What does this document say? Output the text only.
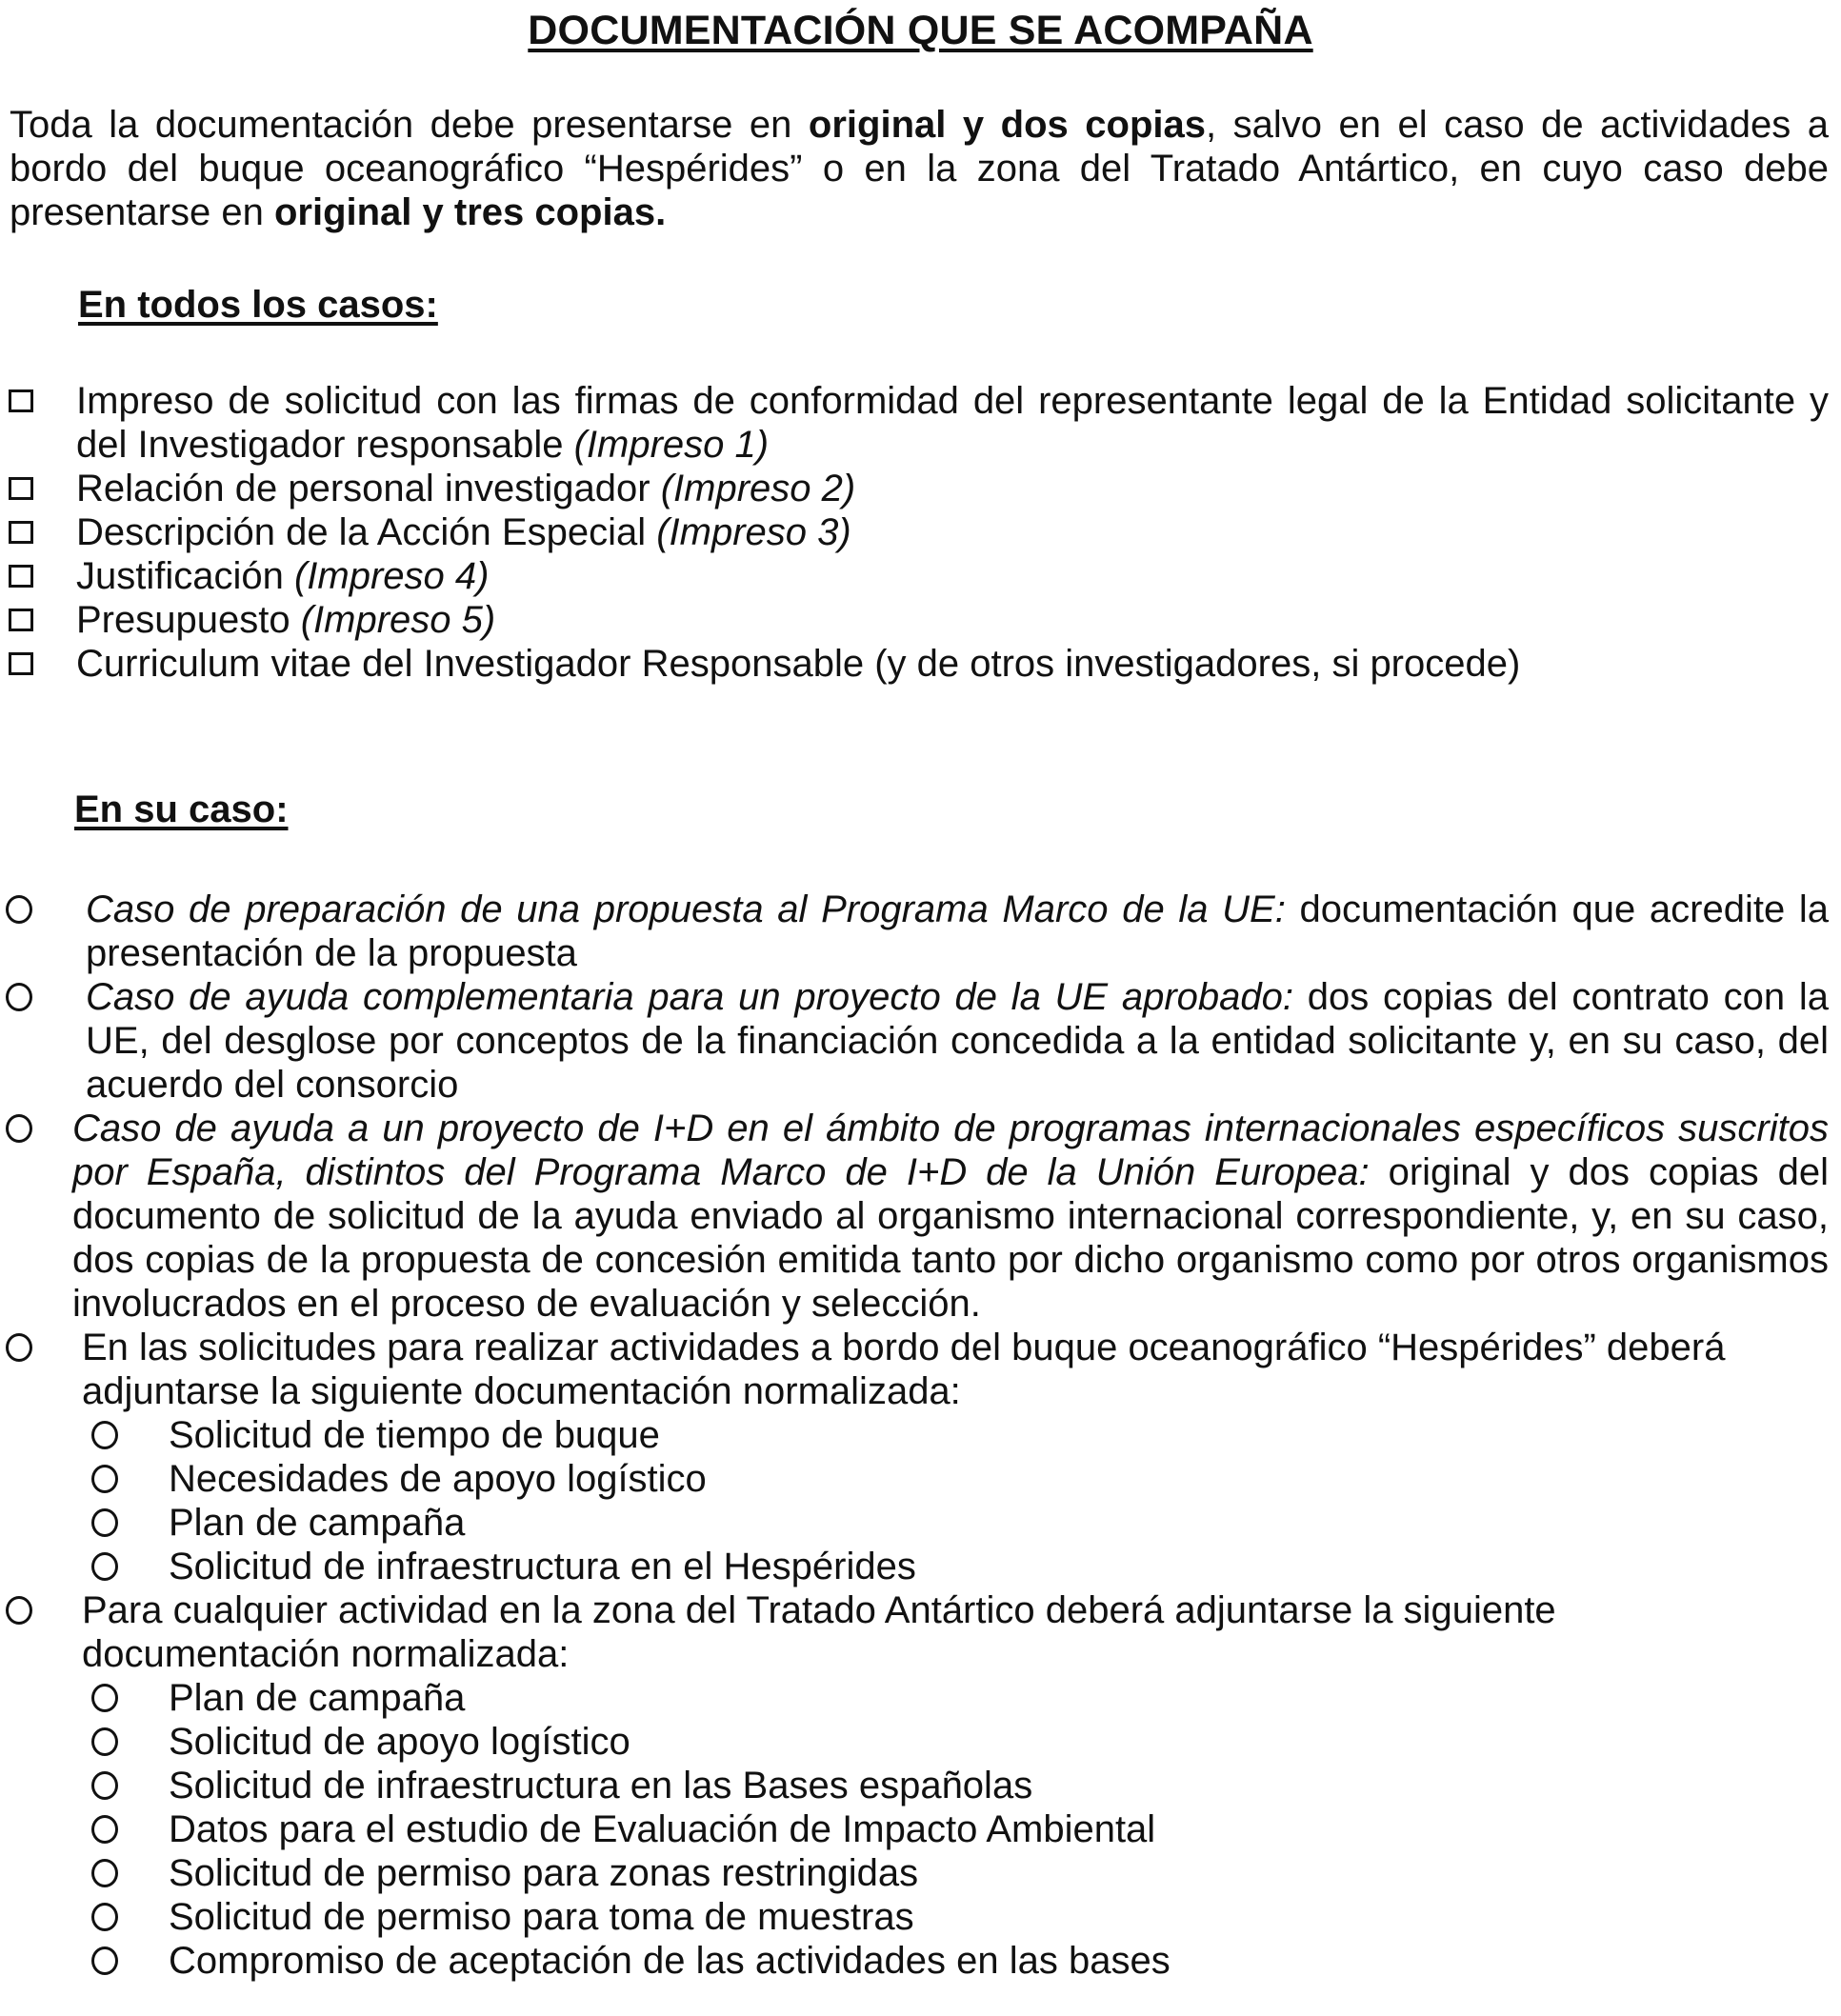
DOCUMENTACIÓN QUE SE ACOMPAÑA
Toda la documentación debe presentarse en original y dos copias, salvo en el caso de actividades a bordo del buque oceanográfico “Hespérides” o en la zona del Tratado Antártico, en cuyo caso debe presentarse en original y tres copias.
En todos los casos:
Impreso de solicitud con las firmas de conformidad del representante legal de la Entidad solicitante y del Investigador responsable (Impreso 1)
Relación de personal investigador (Impreso 2)
Descripción de la Acción Especial (Impreso 3)
Justificación (Impreso 4)
Presupuesto (Impreso 5)
Curriculum vitae del Investigador Responsable (y de otros investigadores, si procede)
En su caso:
Caso de preparación de una propuesta al Programa Marco de la UE: documentación que acredite la presentación de la propuesta
Caso de ayuda complementaria para un proyecto de la UE aprobado: dos copias del contrato con la UE, del desglose por conceptos de la financiación concedida a la entidad solicitante y, en su caso, del acuerdo del consorcio
Caso de ayuda a un proyecto de I+D en el ámbito de programas internacionales específicos suscritos por España, distintos del Programa Marco de I+D de la Unión Europea: original y dos copias del documento de solicitud de la ayuda enviado al organismo internacional correspondiente, y, en su caso, dos copias de la propuesta de concesión emitida tanto por dicho organismo como por otros organismos involucrados en el proceso de evaluación y selección.
En las solicitudes para realizar actividades a bordo del buque oceanográfico “Hespérides” deberá adjuntarse la siguiente documentación normalizada:
Solicitud de tiempo de buque
Necesidades de apoyo logístico
Plan de campaña
Solicitud de infraestructura en el Hespérides
Para cualquier actividad en la zona del Tratado Antártico deberá adjuntarse la siguiente documentación normalizada:
Plan de campaña
Solicitud de apoyo logístico
Solicitud de infraestructura en las Bases españolas
Datos para el estudio de Evaluación de Impacto Ambiental
Solicitud de permiso para zonas restringidas
Solicitud de permiso para toma de muestras
Compromiso de aceptación de las actividades en las bases
